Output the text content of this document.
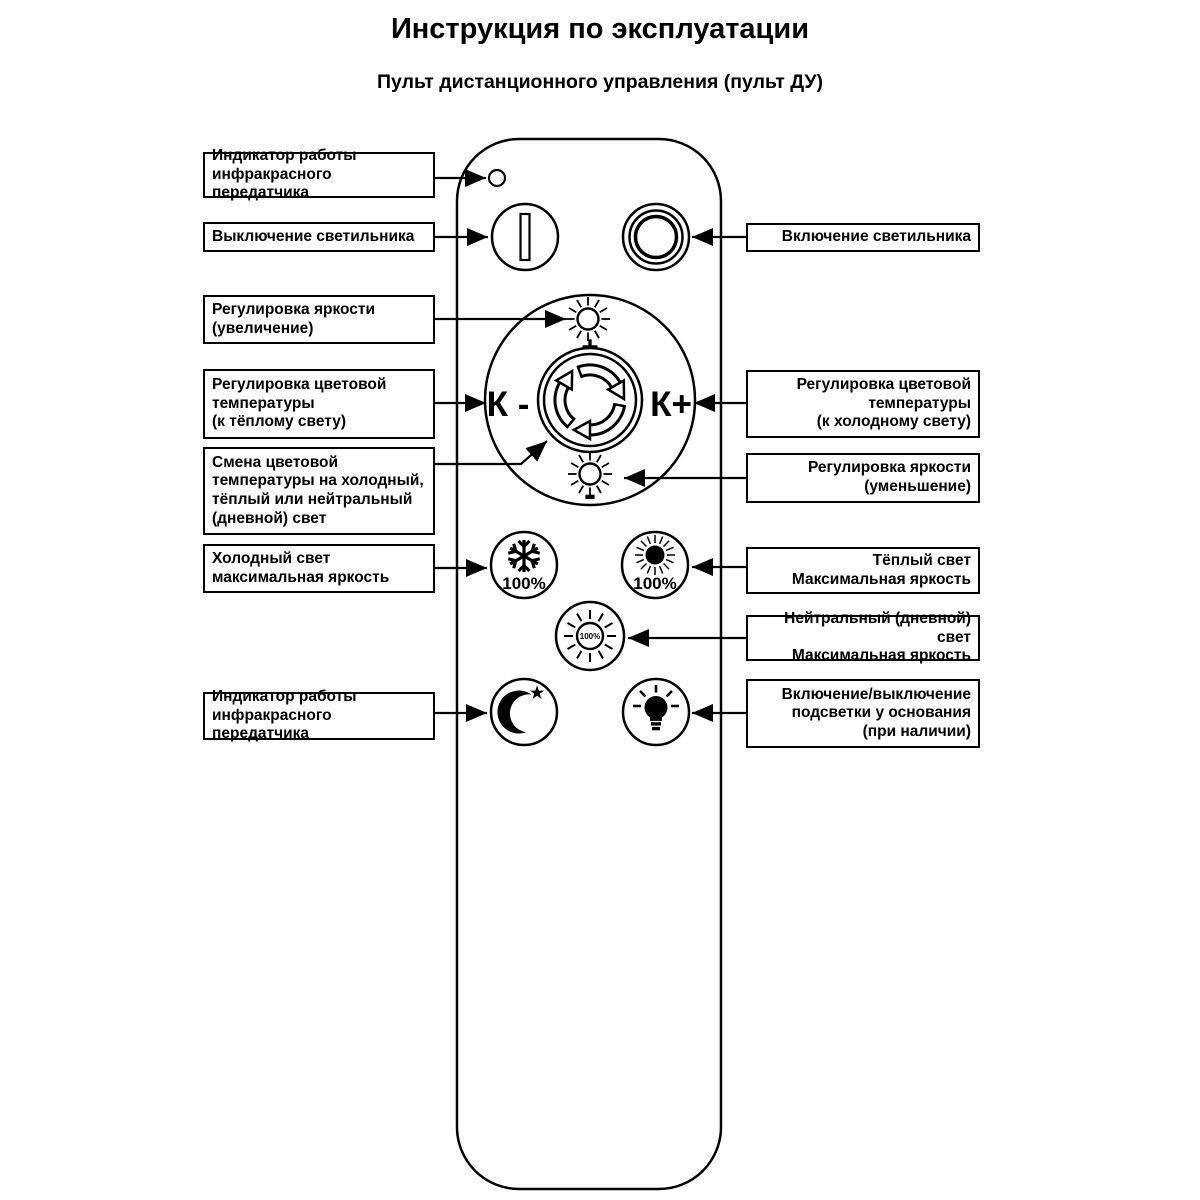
Инструкция по эксплуатации
Пульт дистанционного управления (пульт ДУ)
К -	К+
-
100%	100%
100%
★
Индикатор работы
инфракрасного передатчика
Выключение светильника
Регулировка яркости
(увеличение)
Регулировка цветовой
температуры
(к тёплому свету)
Смена цветовой
температуры на холодный,
тёплый или нейтральный
(дневной) свет
Холодный свет
максимальная яркость
Индикатор работы
инфракрасного передатчика
Включение светильника
Регулировка цветовой
температуры
(к холодному свету)
Регулировка яркости
(уменьшение)
Тёплый свет
Максимальная яркость
Нейтральный (дневной) свет
Максимальная яркость
Включение/выключение
подсветки у основания
(при наличии)
